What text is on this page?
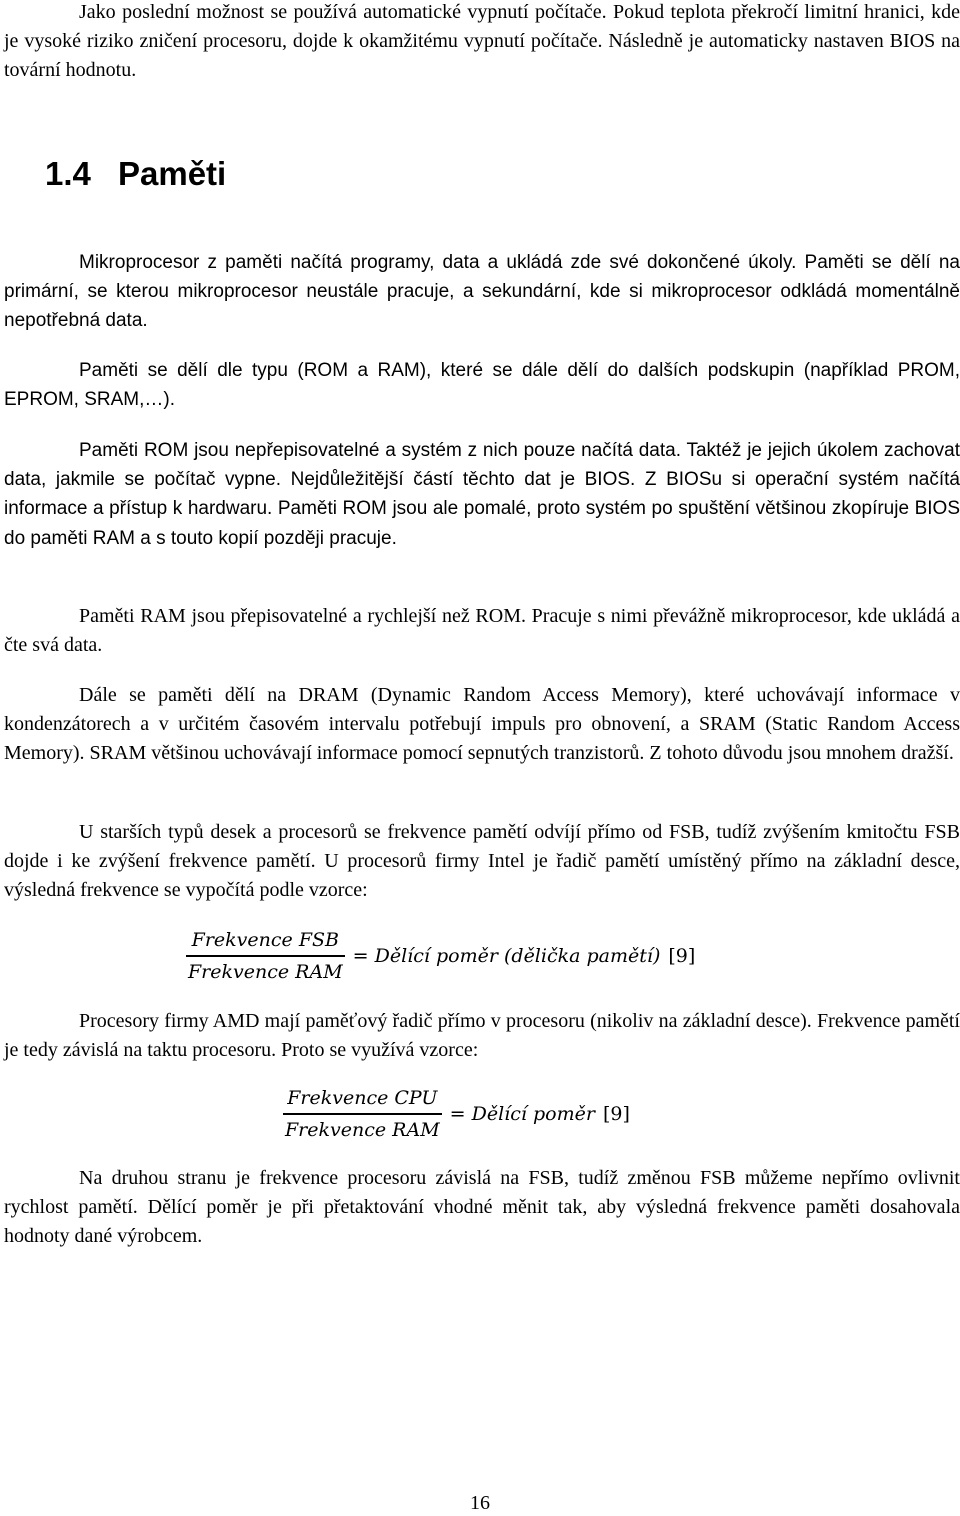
Jako poslední možnost se používá automatické vypnutí počítače. Pokud teplota překročí limitní hranici, kde je vysoké riziko zničení procesoru, dojde k okamžitému vypnutí počítače. Následně je automaticky nastaven BIOS na tovární hodnotu.

1.4 Paměti

Mikroprocesor z paměti načítá programy, data a ukládá zde své dokončené úkoly. Paměti se dělí na primární, se kterou mikroprocesor neustále pracuje, a sekundární, kde si mikroprocesor odkládá momentálně nepotřebná data.

Paměti se dělí dle typu (ROM a RAM), které se dále dělí do dalších podskupin (například PROM, EPROM, SRAM,…).

Paměti ROM jsou nepřepisovatelné a systém z nich pouze načítá data. Taktéž je jejich úkolem zachovat data, jakmile se počítač vypne. Nejdůležitější částí těchto dat je BIOS. Z BIOSu si operační systém načítá informace a přístup k hardwaru. Paměti ROM jsou ale pomalé, proto systém po spuštění většinou zkopíruje BIOS do paměti RAM a s touto kopií později pracuje.

Paměti RAM jsou přepisovatelné a rychlejší než ROM. Pracuje s nimi převážně mikroprocesor, kde ukládá a čte svá data.

Dále se paměti dělí na DRAM (Dynamic Random Access Memory), které uchovávají informace v kondenzátorech a v určitém časovém intervalu potřebují impuls pro obnovení, a SRAM (Static Random Access Memory). SRAM většinou uchovávají informace pomocí sepnutých tranzistorů. Z tohoto důvodu jsou mnohem dražší.

U starších typů desek a procesorů se frekvence pamětí odvíjí přímo od FSB, tudíž zvýšením kmitočtu FSB dojde i ke zvýšení frekvence pamětí. U procesorů firmy Intel je řadič pamětí umístěný přímo na základní desce, výsledná frekvence se vypočítá podle vzorce:

$\frac{\text{Frekvence FSB}}{\text{Frekvence RAM}}$ = Dělící poměr (dělička pamětí) [9]

Procesory firmy AMD mají paměťový řadič přímo v procesoru (nikoliv na základní desce). Frekvence pamětí je tedy závislá na taktu procesoru. Proto se využívá vzorce:

$\frac{\text{Frekvence CPU}}{\text{Frekvence RAM}}$ = Dělící poměr [9]

Na druhou stranu je frekvence procesoru závislá na FSB, tudíž změnou FSB můžeme nepřímo ovlivnit rychlost pamětí. Dělící poměr je při přetaktování vhodné měnit tak, aby výsledná frekvence paměti dosahovala hodnoty dané výrobcem.

16
